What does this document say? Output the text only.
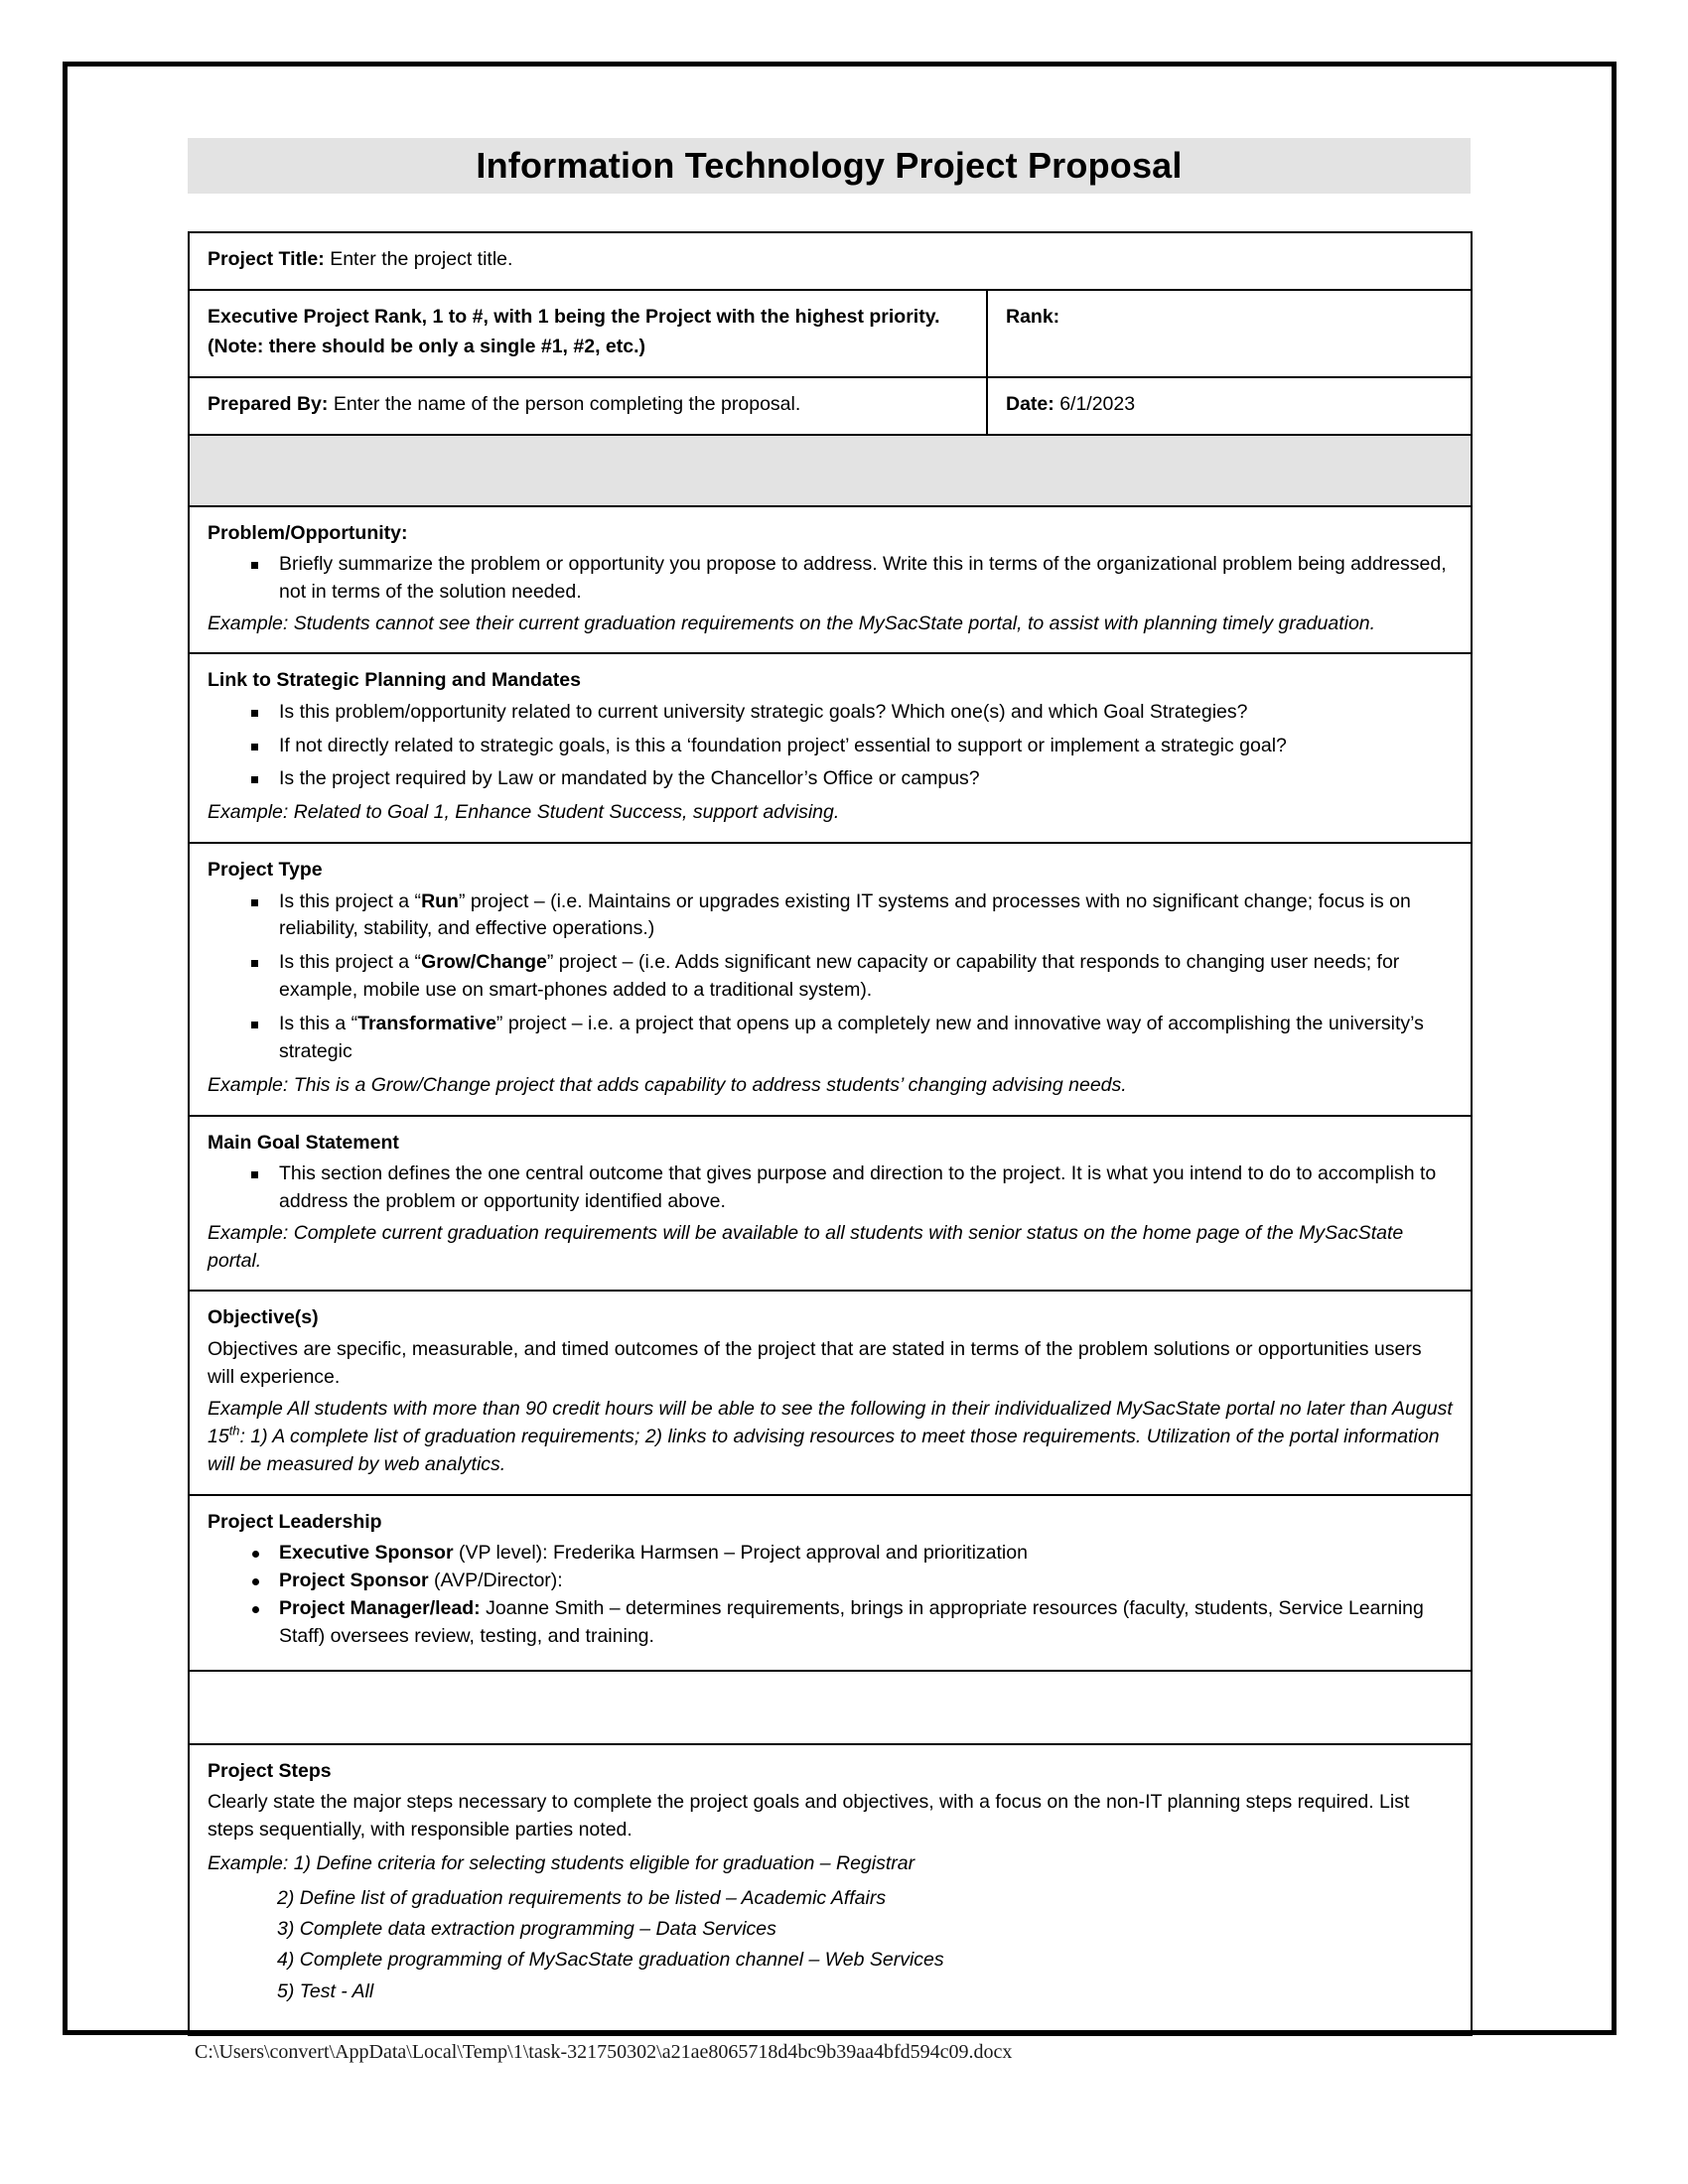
Information Technology Project Proposal
Project Title: Enter the project title.	

Executive Project Rank, 1 to #, with 1 being the Project with the highest priority.
(Note: there should be only a single #1, #2, etc.)	Rank:
Prepared By: Enter the name of the person completing the proposal.	Date: 6/1/2023

Problem/Opportunity:
Briefly summarize the problem or opportunity you propose to address. Write this in terms of the organizational problem being addressed, not in terms of the solution needed.
Example: Students cannot see their current graduation requirements on the MySacState portal, to assist with planning timely graduation.

Link to Strategic Planning and Mandates
Is this problem/opportunity related to current university strategic goals? Which one(s) and which Goal Strategies?
If not directly related to strategic goals, is this a ‘foundation project’ essential to support or implement a strategic goal?
Is the project required by Law or mandated by the Chancellor’s Office or campus?
Example: Related to Goal 1, Enhance Student Success, support advising.

Project Type
Is this project a “Run” project – (i.e. Maintains or upgrades existing IT systems and processes with no significant change; focus is on reliability, stability, and effective operations.)
Is this project a “Grow/Change” project – (i.e. Adds significant new capacity or capability that responds to changing user needs; for example, mobile use on smart-phones added to a traditional system).
Is this a “Transformative” project – i.e. a project that opens up a completely new and innovative way of accomplishing the university’s strategic
Example: This is a Grow/Change project that adds capability to address students’ changing advising needs.

Main Goal Statement
This section defines the one central outcome that gives purpose and direction to the project. It is what you intend to do to accomplish to address the problem or opportunity identified above.
Example: Complete current graduation requirements will be available to all students with senior status on the home page of the MySacState portal.

Objective(s)
Objectives are specific, measurable, and timed outcomes of the project that are stated in terms of the problem solutions or opportunities users will experience.
Example All students with more than 90 credit hours will be able to see the following in their individualized MySacState portal no later than August 15th: 1) A complete list of graduation requirements; 2) links to advising resources to meet those requirements. Utilization of the portal information will be measured by web analytics.	

Project Leadership
Executive Sponsor (VP level): Frederika Harmsen – Project approval and prioritization
Project Sponsor (AVP/Director):
Project Manager/lead: Joanne Smith – determines requirements, brings in appropriate resources (faculty, students, Service Learning Staff) oversees review, testing, and training.

Project Steps
Clearly state the major steps necessary to complete the project goals and objectives, with a focus on the non-IT planning steps required. List steps sequentially, with responsible parties noted.
Example: 1) Define criteria for selecting students eligible for graduation – Registrar
2) Define list of graduation requirements to be listed – Academic Affairs
3) Complete data extraction programming – Data Services
4) Complete programming of MySacState graduation channel – Web Services
5) Test - All
C:\Users\convert\AppData\Local\Temp\1\task-321750302\a21ae8065718d4bc9b39aa4bfd594c09.docx
